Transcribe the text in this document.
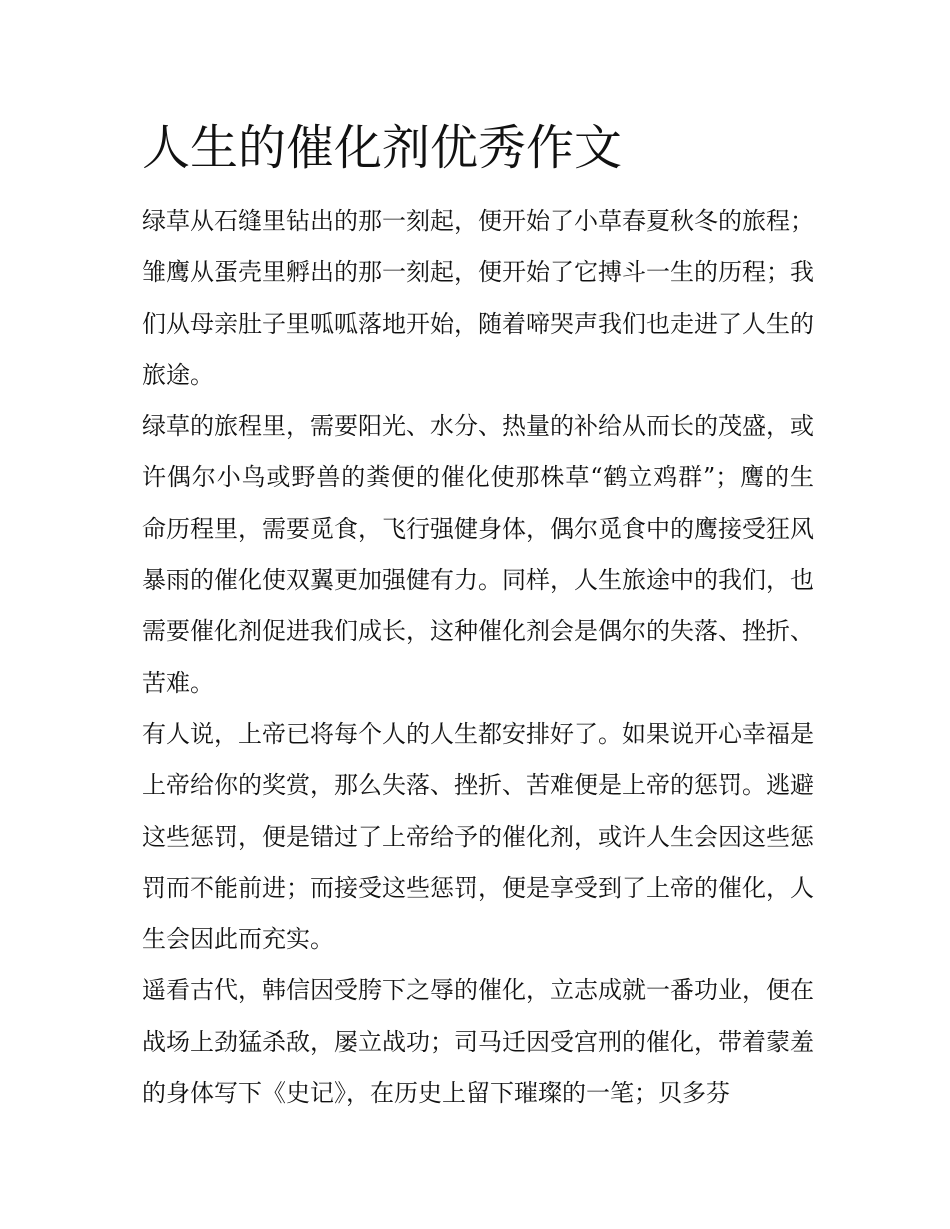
人生的催化剂优秀作文

绿草从石缝里钻出的那一刻起，便开始了小草春夏秋冬的旅程；雏鹰从蛋壳里孵出的那一刻起，便开始了它搏斗一生的历程；我们从母亲肚子里呱呱落地开始，随着啼哭声我们也走进了人生的旅途。

绿草的旅程里，需要阳光、水分、热量的补给从而长的茂盛，或许偶尔小鸟或野兽的粪便的催化使那株草“鹤立鸡群”；鹰的生命历程里，需要觅食，飞行强健身体，偶尔觅食中的鹰接受狂风暴雨的催化使双翼更加强健有力。同样，人生旅途中的我们，也需要催化剂促进我们成长，这种催化剂会是偶尔的失落、挫折、苦难。

有人说，上帝已将每个人的人生都安排好了。如果说开心幸福是上帝给你的奖赏，那么失落、挫折、苦难便是上帝的惩罚。逃避这些惩罚，便是错过了上帝给予的催化剂，或许人生会因这些惩罚而不能前进；而接受这些惩罚，便是享受到了上帝的催化，人生会因此而充实。

遥看古代，韩信因受胯下之辱的催化，立志成就一番功业，便在战场上劲猛杀敌，屡立战功；司马迁因受宫刑的催化，带着蒙羞的身体写下《史记》，在历史上留下璀璨的一笔；贝多芬
